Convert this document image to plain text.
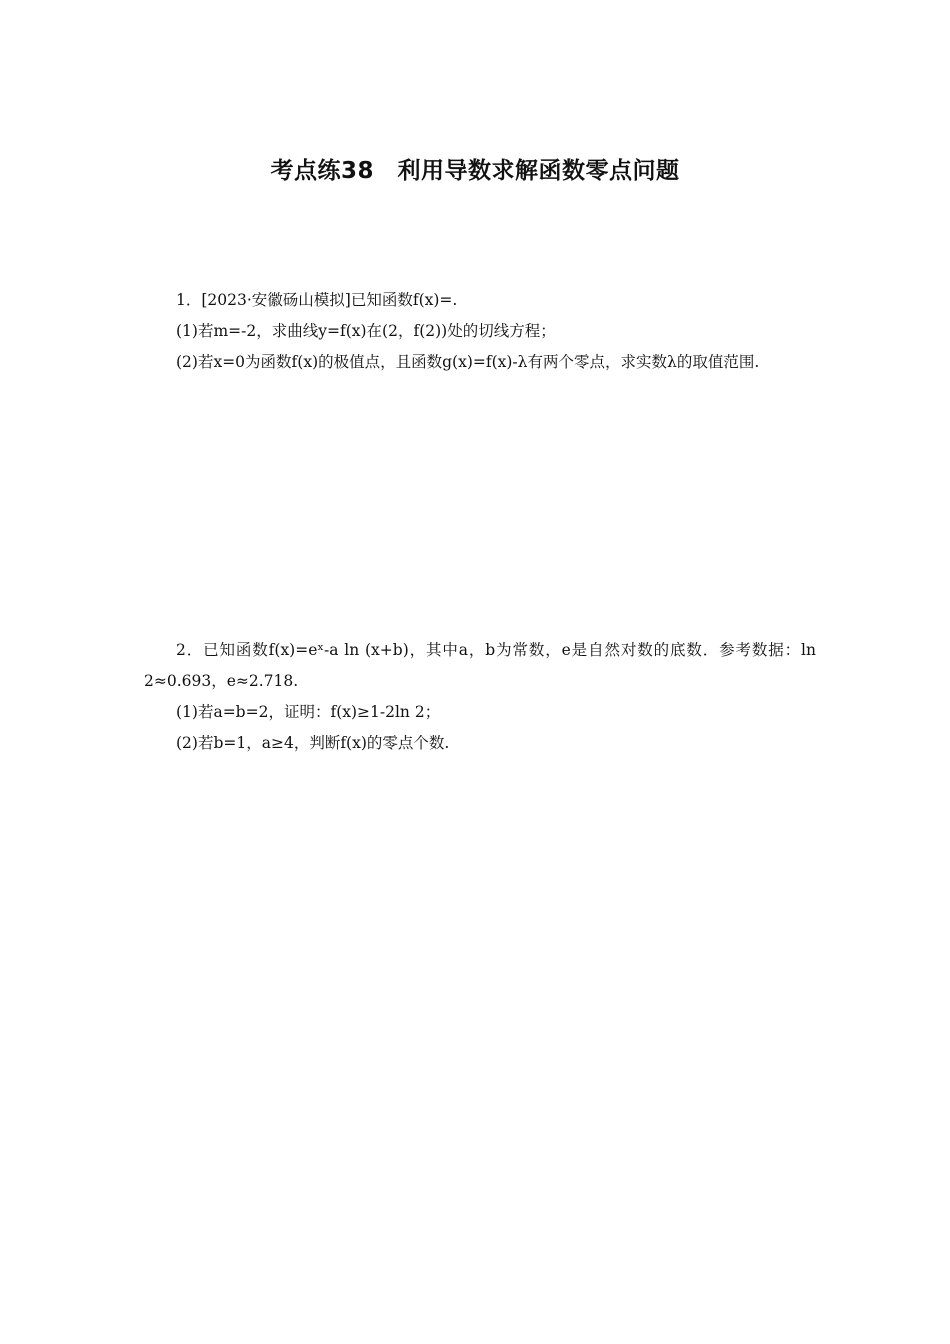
考点练38　利用导数求解函数零点问题

1．[2023·安徽砀山模拟]已知函数f(x)=.

(1)若m=-2，求曲线y=f(x)在(2，f(2))处的切线方程；

(2)若x=0为函数f(x)的极值点，且函数g(x)=f(x)-λ有两个零点，求实数λ的取值范围.

2．已知函数f(x)=eˣ-a ln (x+b)，其中a，b为常数，e是自然对数的底数．参考数据：ln 2≈0.693，e≈2.718.

(1)若a=b=2，证明：f(x)≥1-2ln 2；

(2)若b=1，a≥4，判断f(x)的零点个数.
